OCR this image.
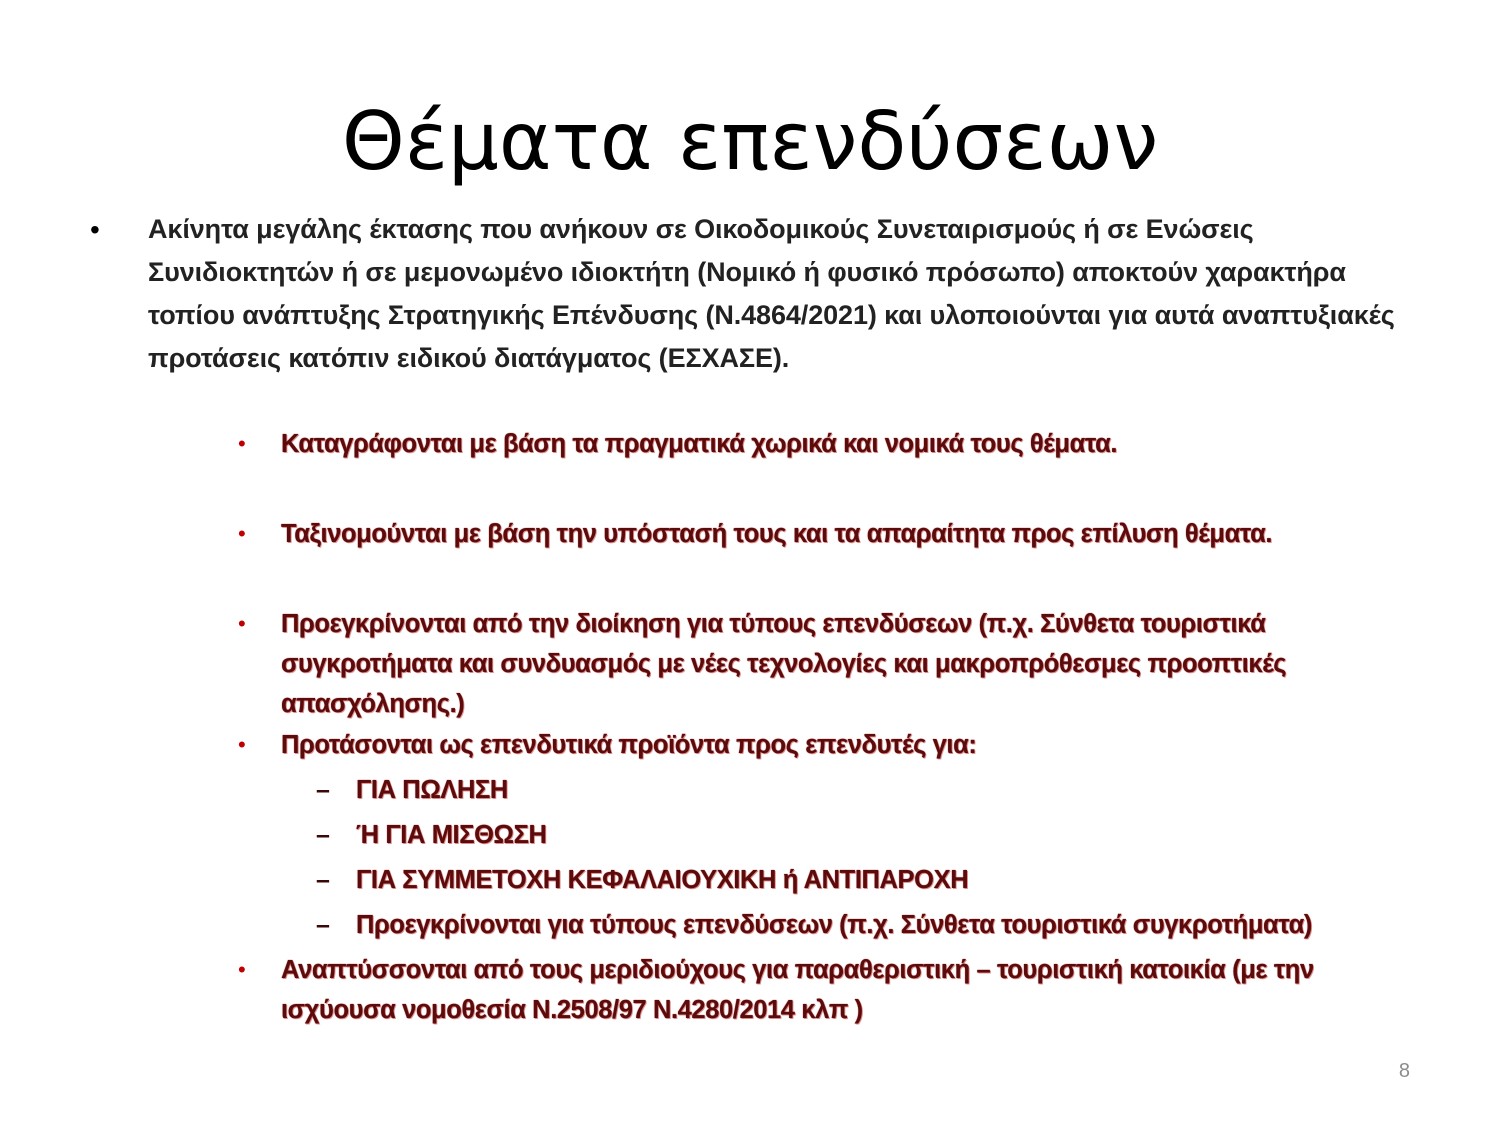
Θέματα επενδύσεων
• Ακίνητα μεγάλης έκτασης που ανήκουν σε Οικοδομικούς Συνεταιρισμούς ή σε Ενώσεις Συνιδιοκτητών ή σε μεμονωμένο ιδιοκτήτη (Νομικό ή φυσικό πρόσωπο) αποκτούν χαρακτήρα τοπίου ανάπτυξης Στρατηγικής Επένδυσης (Ν.4864/2021) και υλοποιούνται για αυτά αναπτυξιακές προτάσεις κατόπιν ειδικού διατάγματος (ΕΣΧΑΣΕ).
• Καταγράφονται με βάση τα πραγματικά χωρικά και νομικά τους θέματα.
• Ταξινομούνται με βάση την υπόστασή τους και τα απαραίτητα προς επίλυση θέματα.
• Προεγκρίνονται από την διοίκηση για τύπους επενδύσεων (π.χ. Σύνθετα τουριστικά συγκροτήματα και συνδυασμός με νέες τεχνολογίες και μακροπρόθεσμες προοπτικές απασχόλησης.)
• Προτάσονται ως επενδυτικά προϊόντα προς επενδυτές για:
– ΓΙΑ ΠΩΛΗΣΗ
– Ή ΓΙΑ ΜΙΣΘΩΣΗ
– ΓΙΑ ΣΥΜΜΕΤΟΧΗ ΚΕΦΑΛΑΙΟΥΧΙΚΗ ή ΑΝΤΙΠΑΡΟΧΗ
– Προεγκρίνονται για τύπους επενδύσεων (π.χ. Σύνθετα τουριστικά συγκροτήματα)
• Αναπτύσσονται από τους μεριδιούχους για παραθεριστική – τουριστική κατοικία (με την ισχύουσα νομοθεσία Ν.2508/97 Ν.4280/2014 κλπ )
8
